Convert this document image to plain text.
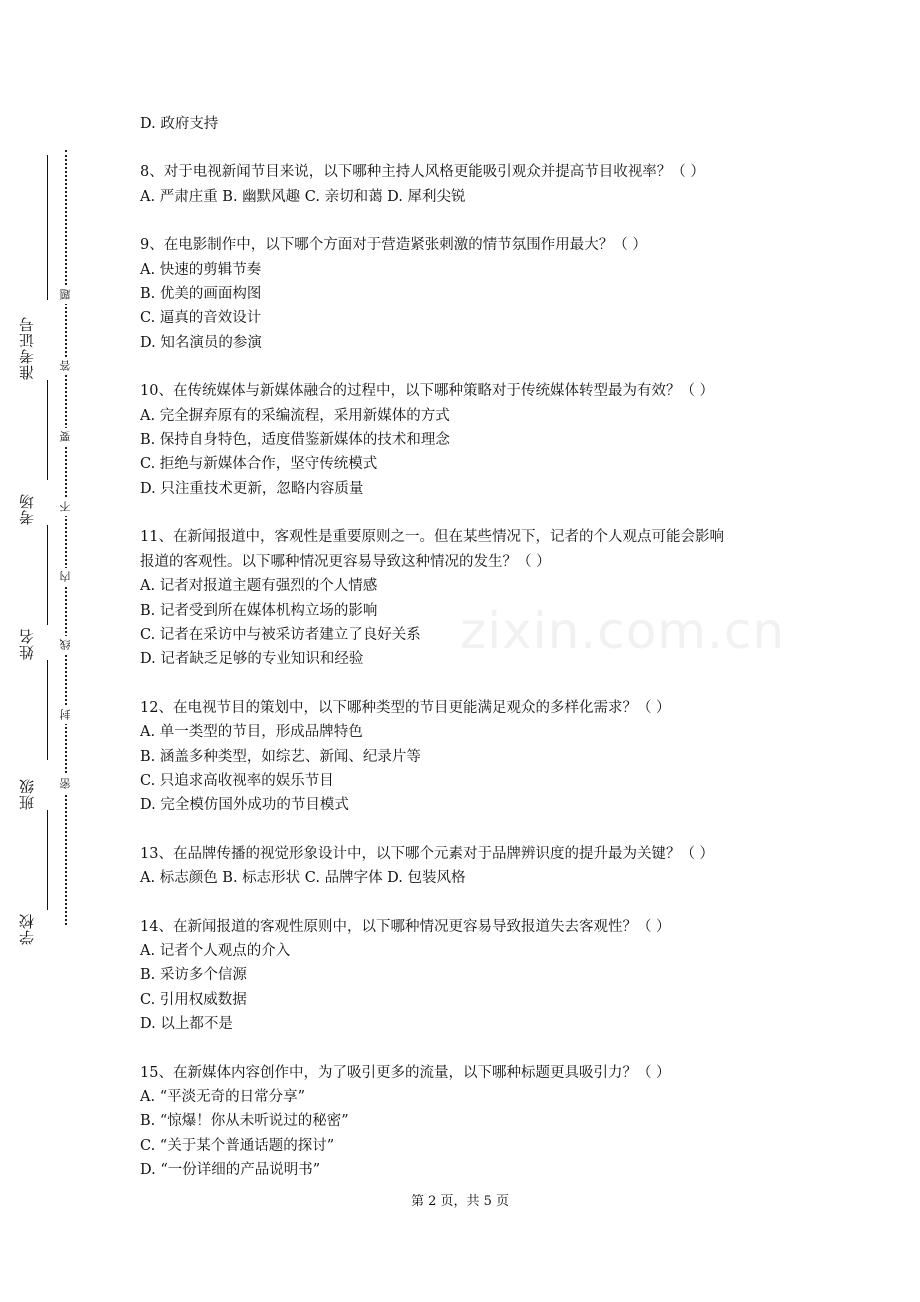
准考证号
考场
姓名
班级
学校
题
答
要
不
内
线
封
密
zixin.com.cn
D. 政府支持
8、对于电视新闻节目来说，以下哪种主持人风格更能吸引观众并提高节目收视率？（ ）
A. 严肃庄重 B. 幽默风趣 C. 亲切和蔼 D. 犀利尖锐
9、在电影制作中，以下哪个方面对于营造紧张刺激的情节氛围作用最大？（ ）
A. 快速的剪辑节奏
B. 优美的画面构图
C. 逼真的音效设计
D. 知名演员的参演
10、在传统媒体与新媒体融合的过程中，以下哪种策略对于传统媒体转型最为有效？（ ）
A. 完全摒弃原有的采编流程，采用新媒体的方式
B. 保持自身特色，适度借鉴新媒体的技术和理念
C. 拒绝与新媒体合作，坚守传统模式
D. 只注重技术更新，忽略内容质量
11、在新闻报道中，客观性是重要原则之一。但在某些情况下，记者的个人观点可能会影响
报道的客观性。以下哪种情况更容易导致这种情况的发生？（ ）
A. 记者对报道主题有强烈的个人情感
B. 记者受到所在媒体机构立场的影响
C. 记者在采访中与被采访者建立了良好关系
D. 记者缺乏足够的专业知识和经验
12、在电视节目的策划中，以下哪种类型的节目更能满足观众的多样化需求？（ ）
A. 单一类型的节目，形成品牌特色
B. 涵盖多种类型，如综艺、新闻、纪录片等
C. 只追求高收视率的娱乐节目
D. 完全模仿国外成功的节目模式
13、在品牌传播的视觉形象设计中，以下哪个元素对于品牌辨识度的提升最为关键？（ ）
A. 标志颜色 B. 标志形状 C. 品牌字体 D. 包装风格
14、在新闻报道的客观性原则中，以下哪种情况更容易导致报道失去客观性？（ ）
A. 记者个人观点的介入
B. 采访多个信源
C. 引用权威数据
D. 以上都不是
15、在新媒体内容创作中，为了吸引更多的流量，以下哪种标题更具吸引力？（ ）
A. “平淡无奇的日常分享”
B. “惊爆！你从未听说过的秘密”
C. “关于某个普通话题的探讨”
D. “一份详细的产品说明书”
第 2 页，共 5 页
